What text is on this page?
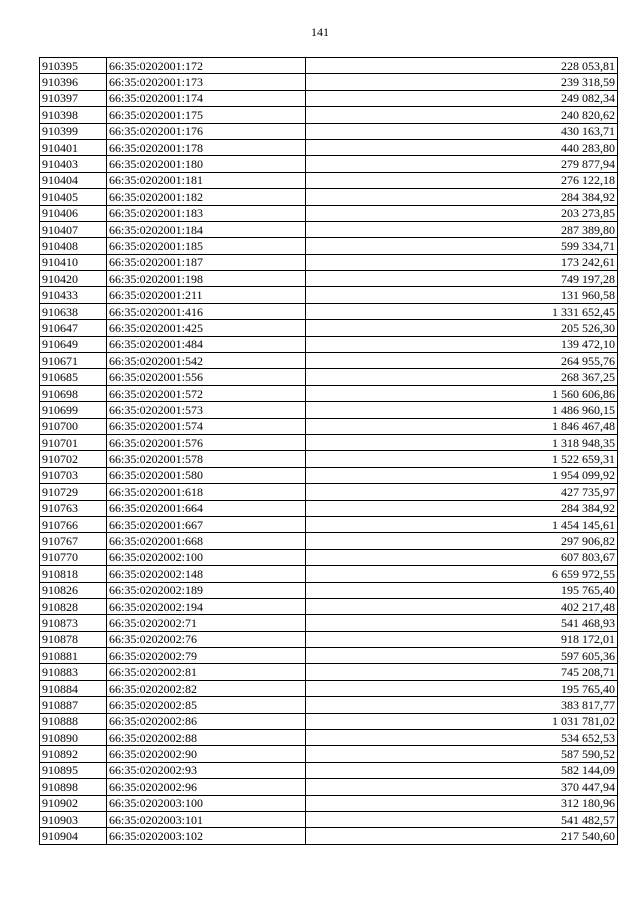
141
910395	66:35:0202001:172	228 053,81
910396	66:35:0202001:173	239 318,59
910397	66:35:0202001:174	249 082,34
910398	66:35:0202001:175	240 820,62
910399	66:35:0202001:176	430 163,71
910401	66:35:0202001:178	440 283,80
910403	66:35:0202001:180	279 877,94
910404	66:35:0202001:181	276 122,18
910405	66:35:0202001:182	284 384,92
910406	66:35:0202001:183	203 273,85
910407	66:35:0202001:184	287 389,80
910408	66:35:0202001:185	599 334,71
910410	66:35:0202001:187	173 242,61
910420	66:35:0202001:198	749 197,28
910433	66:35:0202001:211	131 960,58
910638	66:35:0202001:416	1 331 652,45
910647	66:35:0202001:425	205 526,30
910649	66:35:0202001:484	139 472,10
910671	66:35:0202001:542	264 955,76
910685	66:35:0202001:556	268 367,25
910698	66:35:0202001:572	1 560 606,86
910699	66:35:0202001:573	1 486 960,15
910700	66:35:0202001:574	1 846 467,48
910701	66:35:0202001:576	1 318 948,35
910702	66:35:0202001:578	1 522 659,31
910703	66:35:0202001:580	1 954 099,92
910729	66:35:0202001:618	427 735,97
910763	66:35:0202001:664	284 384,92
910766	66:35:0202001:667	1 454 145,61
910767	66:35:0202001:668	297 906,82
910770	66:35:0202002:100	607 803,67
910818	66:35:0202002:148	6 659 972,55
910826	66:35:0202002:189	195 765,40
910828	66:35:0202002:194	402 217,48
910873	66:35:0202002:71	541 468,93
910878	66:35:0202002:76	918 172,01
910881	66:35:0202002:79	597 605,36
910883	66:35:0202002:81	745 208,71
910884	66:35:0202002:82	195 765,40
910887	66:35:0202002:85	383 817,77
910888	66:35:0202002:86	1 031 781,02
910890	66:35:0202002:88	534 652,53
910892	66:35:0202002:90	587 590,52
910895	66:35:0202002:93	582 144,09
910898	66:35:0202002:96	370 447,94
910902	66:35:0202003:100	312 180,96
910903	66:35:0202003:101	541 482,57
910904	66:35:0202003:102	217 540,60
